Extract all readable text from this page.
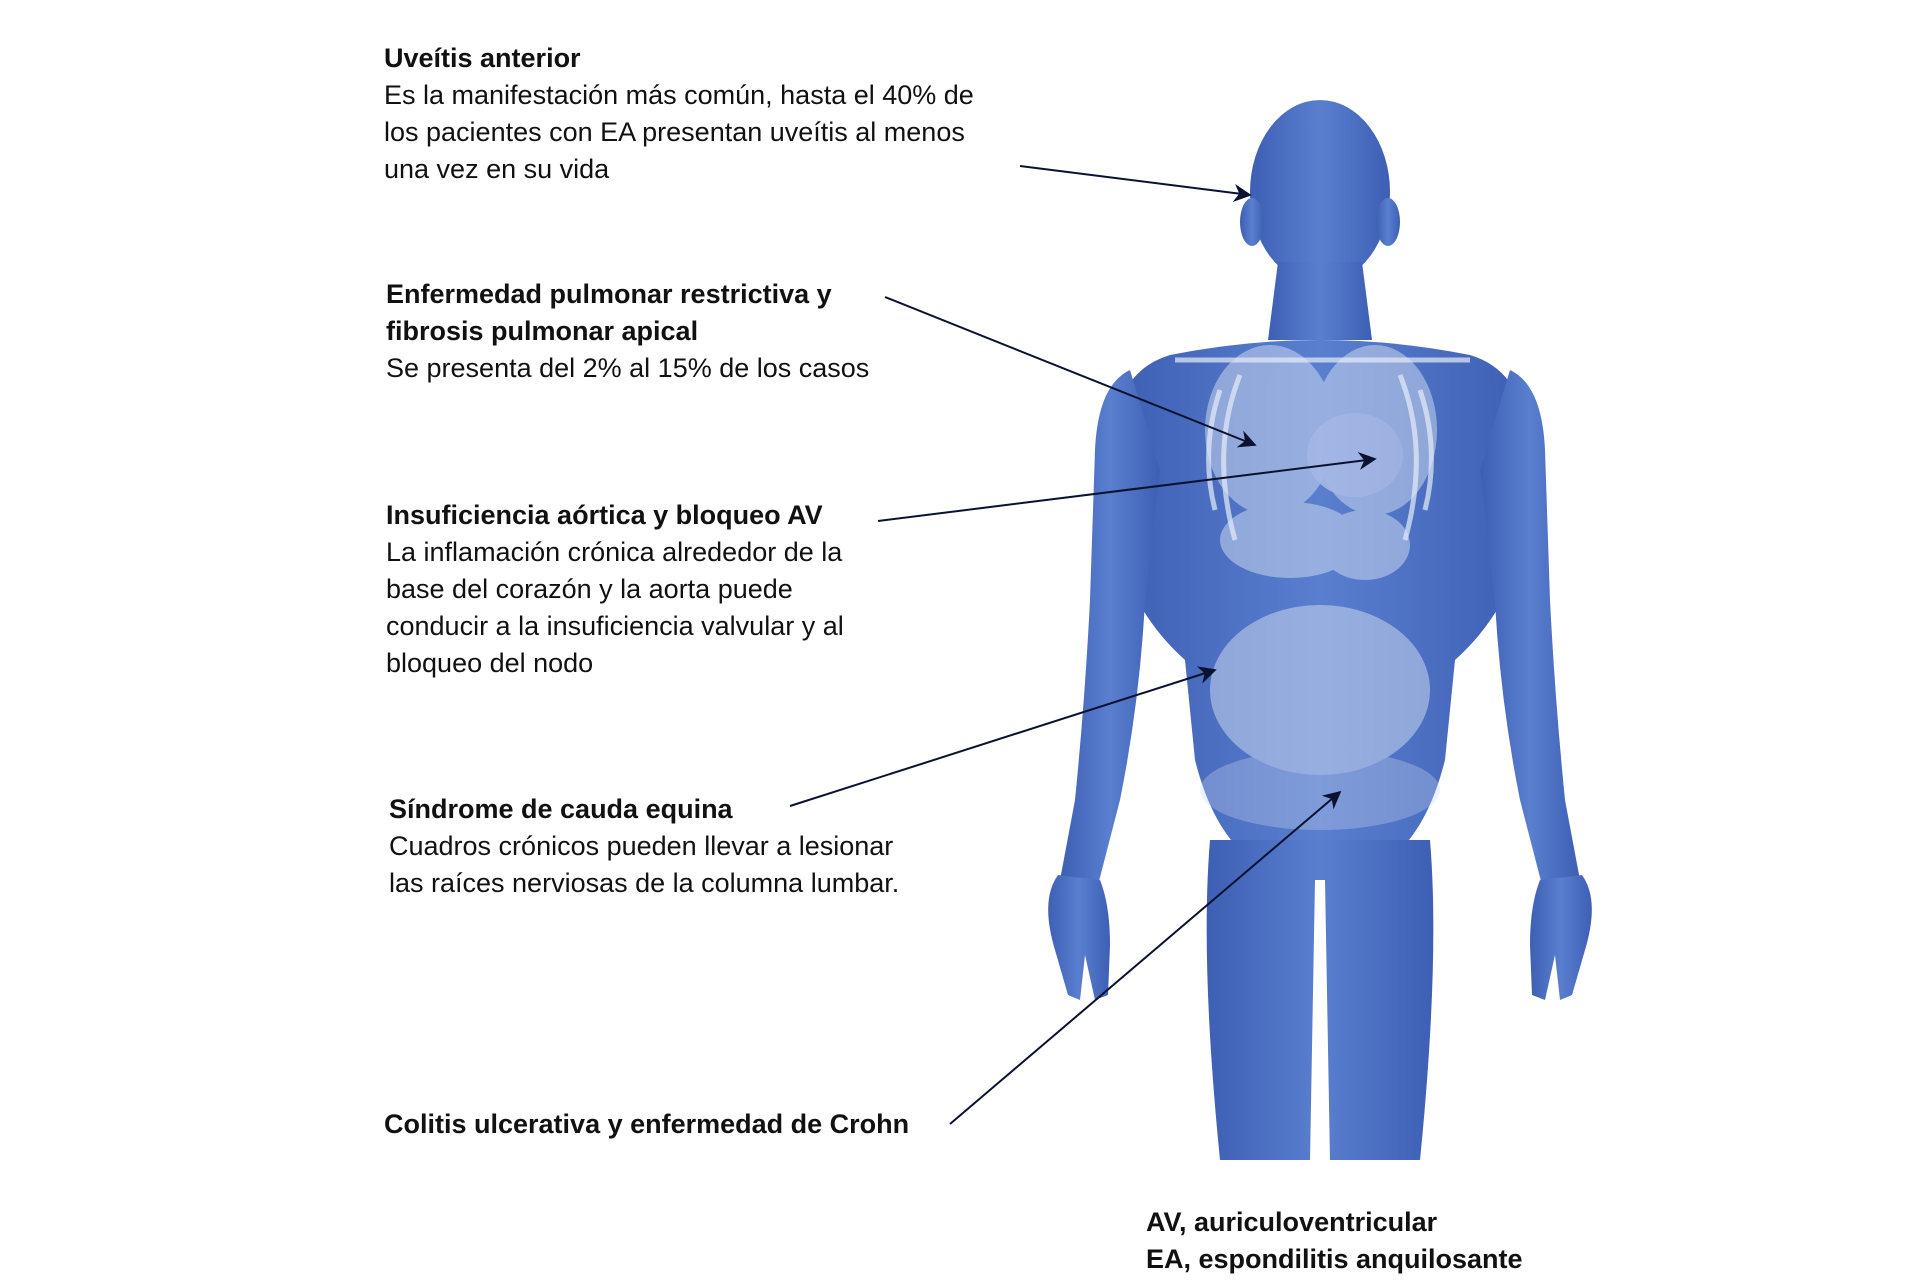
Uveítis anterior
Es la manifestación más común, hasta el 40% de
los pacientes con EA presentan uveítis al menos
una vez en su vida
Enfermedad pulmonar restrictiva y
fibrosis pulmonar apical
Se presenta del 2% al 15% de los casos
Insuficiencia aórtica y bloqueo AV
La inflamación crónica alrededor de la
base del corazón y la aorta puede
conducir a la insuficiencia valvular y al
bloqueo del nodo
Síndrome de cauda equina
Cuadros crónicos pueden llevar a lesionar
las raíces nerviosas de la columna lumbar.
Colitis ulcerativa y enfermedad de Crohn
AV, auriculoventricular
EA, espondilitis anquilosante
